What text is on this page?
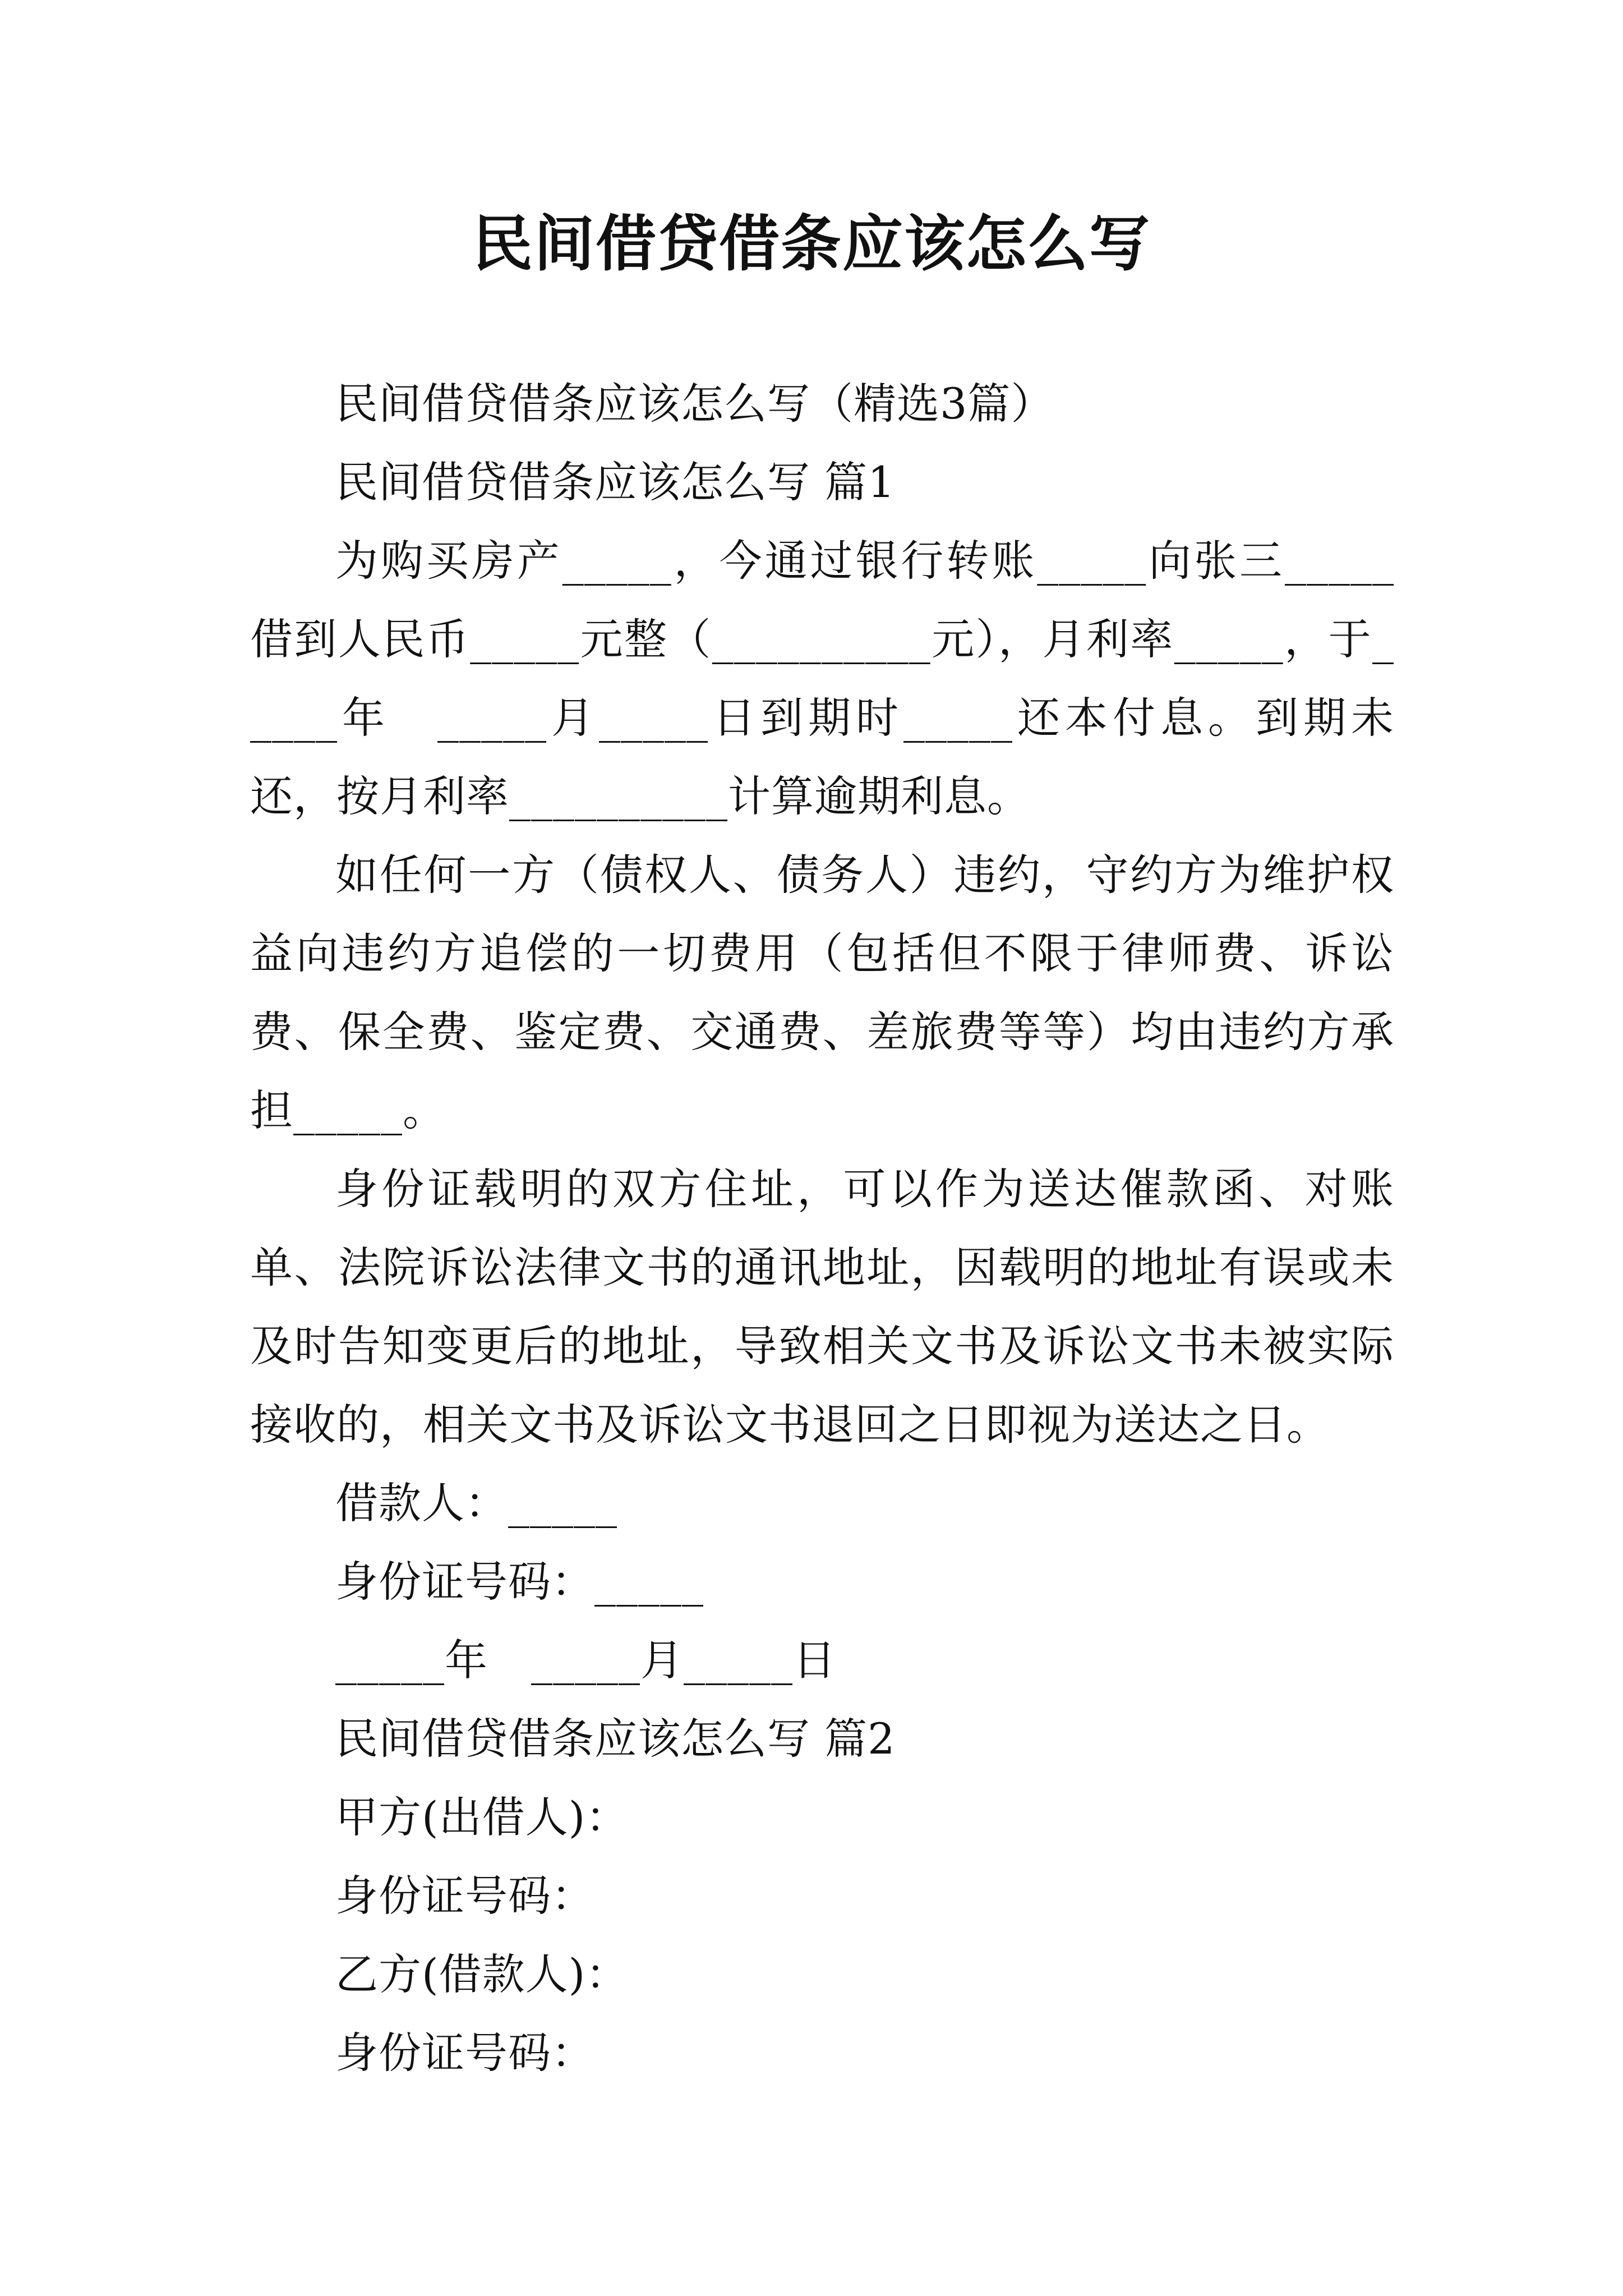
民间借贷借条应该怎么写

民间借贷借条应该怎么写（精选3篇）

民间借贷借条应该怎么写 篇1

为购买房产_____，今通过银行转账_____向张三_____借到人民币_____元整（__________元），月利率_____，于_____年　_____月_____日到期时_____还本付息。到期未还，按月利率__________计算逾期利息。

如任何一方（债权人、债务人）违约，守约方为维护权益向违约方追偿的一切费用（包括但不限于律师费、诉讼费、保全费、鉴定费、交通费、差旅费等等）均由违约方承担_____。

身份证载明的双方住址，可以作为送达催款函、对账单、法院诉讼法律文书的通讯地址，因载明的地址有误或未及时告知变更后的地址，导致相关文书及诉讼文书未被实际接收的，相关文书及诉讼文书退回之日即视为送达之日。

借款人：_____

身份证号码：_____

_____年　_____月_____日

民间借贷借条应该怎么写 篇2

甲方(出借人)：

身份证号码：

乙方(借款人)：

身份证号码：
